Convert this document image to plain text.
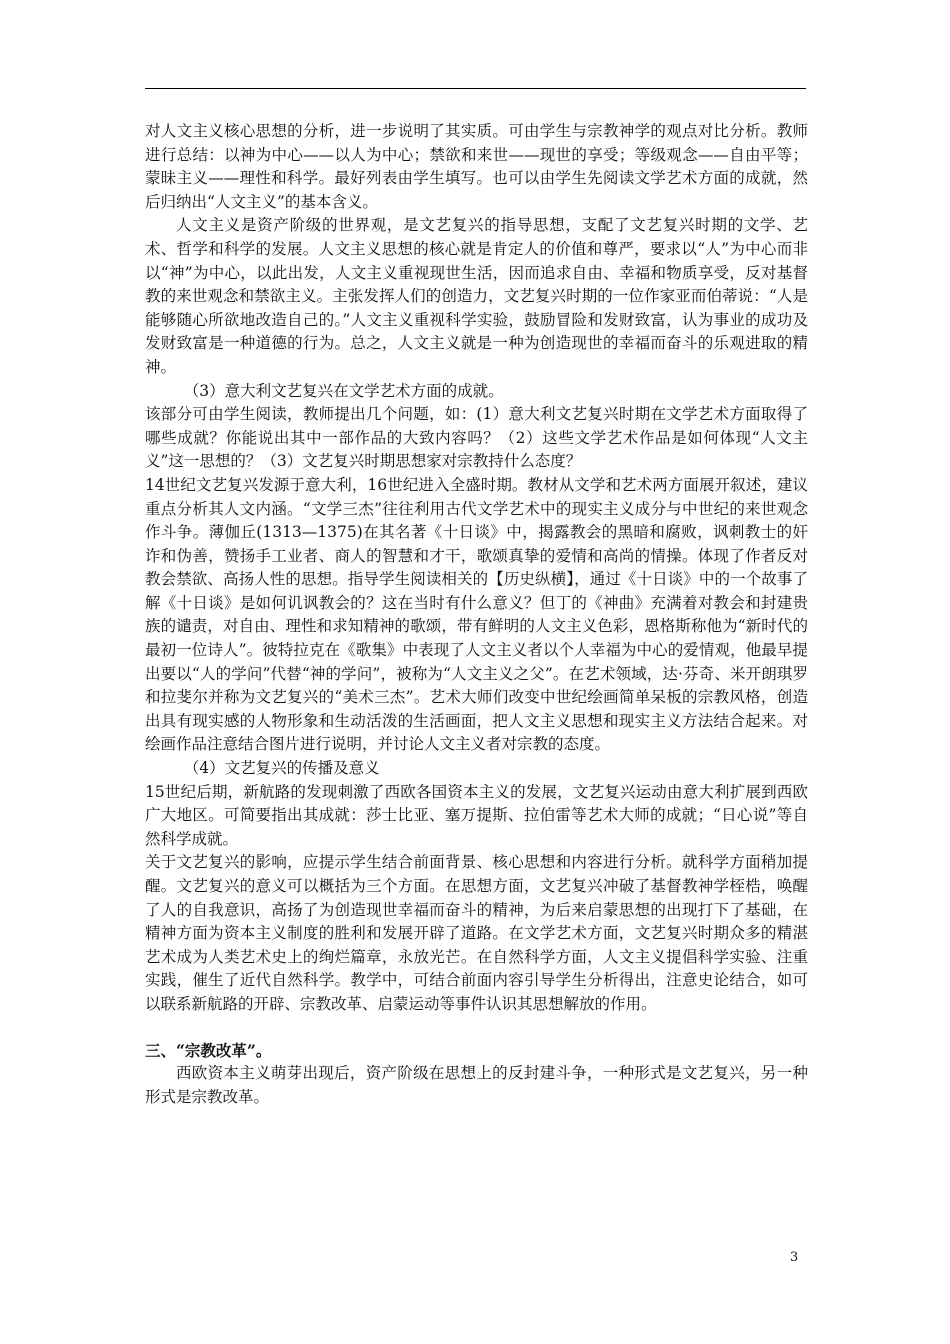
对人文主义核心思想的分析，进一步说明了其实质。可由学生与宗教神学的观点对比分析。教师进行总结：以神为中心——以人为中心；禁欲和来世——现世的享受；等级观念——自由平等；蒙昧主义——理性和科学。最好列表由学生填写。也可以由学生先阅读文学艺术方面的成就，然后归纳出“人文主义”的基本含义。

人文主义是资产阶级的世界观，是文艺复兴的指导思想，支配了文艺复兴时期的文学、艺术、哲学和科学的发展。人文主义思想的核心就是肯定人的价值和尊严，要求以“人”为中心而非以“神”为中心，以此出发，人文主义重视现世生活，因而追求自由、幸福和物质享受，反对基督教的来世观念和禁欲主义。主张发挥人们的创造力，文艺复兴时期的一位作家亚而伯蒂说：“人是能够随心所欲地改造自己的。”人文主义重视科学实验，鼓励冒险和发财致富，认为事业的成功及发财致富是一种道德的行为。总之，人文主义就是一种为创造现世的幸福而奋斗的乐观进取的精神。

（3）意大利文艺复兴在文学艺术方面的成就。

该部分可由学生阅读，教师提出几个问题，如：(1）意大利文艺复兴时期在文学艺术方面取得了哪些成就？你能说出其中一部作品的大致内容吗？（2）这些文学艺术作品是如何体现“人文主义”这一思想的？（3）文艺复兴时期思想家对宗教持什么态度？

14世纪文艺复兴发源于意大利，16世纪进入全盛时期。教材从文学和艺术两方面展开叙述，建议重点分析其人文内涵。“文学三杰”往往利用古代文学艺术中的现实主义成分与中世纪的来世观念作斗争。薄伽丘(1313—1375)在其名著《十日谈》中，揭露教会的黑暗和腐败，讽刺教士的奸诈和伪善，赞扬手工业者、商人的智慧和才干，歌颂真挚的爱情和高尚的情操。体现了作者反对教会禁欲、高扬人性的思想。指导学生阅读相关的【历史纵横】，通过《十日谈》中的一个故事了解《十日谈》是如何讥讽教会的？这在当时有什么意义？但丁的《神曲》充满着对教会和封建贵族的谴责，对自由、理性和求知精神的歌颂，带有鲜明的人文主义色彩，恩格斯称他为“新时代的最初一位诗人”。彼特拉克在《歌集》中表现了人文主义者以个人幸福为中心的爱情观，他最早提出要以“人的学问”代替“神的学问”，被称为“人文主义之父”。在艺术领域，达·芬奇、米开朗琪罗和拉斐尔并称为文艺复兴的“美术三杰”。艺术大师们改变中世纪绘画简单呆板的宗教风格，创造出具有现实感的人物形象和生动活泼的生活画面，把人文主义思想和现实主义方法结合起来。对绘画作品注意结合图片进行说明，并讨论人文主义者对宗教的态度。

（4）文艺复兴的传播及意义

15世纪后期，新航路的发现刺激了西欧各国资本主义的发展，文艺复兴运动由意大利扩展到西欧广大地区。可简要指出其成就：莎士比亚、塞万提斯、拉伯雷等艺术大师的成就；“日心说”等自然科学成就。

关于文艺复兴的影响，应提示学生结合前面背景、核心思想和内容进行分析。就科学方面稍加提醒。文艺复兴的意义可以概括为三个方面。在思想方面，文艺复兴冲破了基督教神学桎梏，唤醒了人的自我意识，高扬了为创造现世幸福而奋斗的精神，为后来启蒙思想的出现打下了基础，在精神方面为资本主义制度的胜利和发展开辟了道路。在文学艺术方面，文艺复兴时期众多的精湛艺术成为人类艺术史上的绚烂篇章，永放光芒。在自然科学方面，人文主义提倡科学实验、注重实践，催生了近代自然科学。教学中，可结合前面内容引导学生分析得出，注意史论结合，如可以联系新航路的开辟、宗教改革、启蒙运动等事件认识其思想解放的作用。

三、“宗教改革”。

西欧资本主义萌芽出现后，资产阶级在思想上的反封建斗争，一种形式是文艺复兴，另一种形式是宗教改革。

3
